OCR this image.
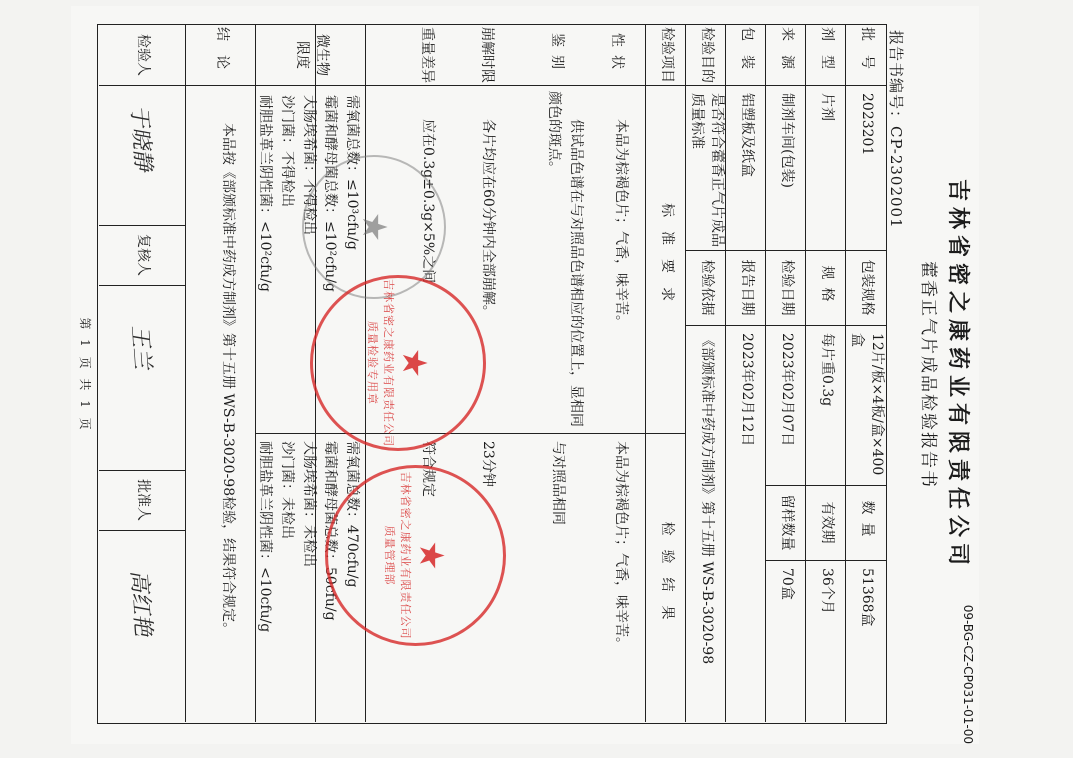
吉林省密之康药业有限责任公司
藿香正气片成品检验报告书
09-BG-CZ-CP031-01-00
报告书编号：CP-2302001
批号
2023201
包装规格
12片/板×4板/盒×400盒
数量
51368盒
剂型
片剂
规格
每片重0.3g
有效期
36个月
来源
制剂车间(包装)
检验日期
2023年02月07日
留样数量
70盒
包装
铝塑板及纸盒
报告日期
2023年02月12日
检验目的
是否符合藿香正气片成品质量标准
检验依据
《部颁标准中药成方制剂》第十五册 WS-B-3020-98
检验项目
标准要求
检验结果
性状
本品为棕褐色片；气香，味辛苦。
本品为棕褐色片；气香，味辛苦。
鉴别
供试品色谱在与对照品色谱相应的位置上，显相同颜色的斑点。
与对照品相同
崩解时限
各片均应在60分钟内全部崩解。
23分钟
重量差异
应在0.3g±0.3g×5%之间
符合规定
微生物限度
需氧菌总数：≤10³cfu/g
霉菌和酵母菌总数：≤10²cfu/g
大肠埃希菌：不得检出
沙门菌：不得检出
耐胆盐革兰阴性菌：<10²cfu/g
需氧菌总数：470cfu/g
霉菌和酵母菌总数：50cfu/g
大肠埃希菌：未检出
沙门菌：未检出
耐胆盐革兰阴性菌：<10cfu/g
结论
本品按《部颁标准中药成方制剂》第十五册 WS-B-3020-98检验，结果符合规定。
检验人
复核人
批准人
于晓静
王兰
高红艳
★
★
吉林省密之康药业有限责任公司 质量检验专用章
★
吉林省密之康药业有限责任公司 质量管理部
第 1 页 共 1 页
